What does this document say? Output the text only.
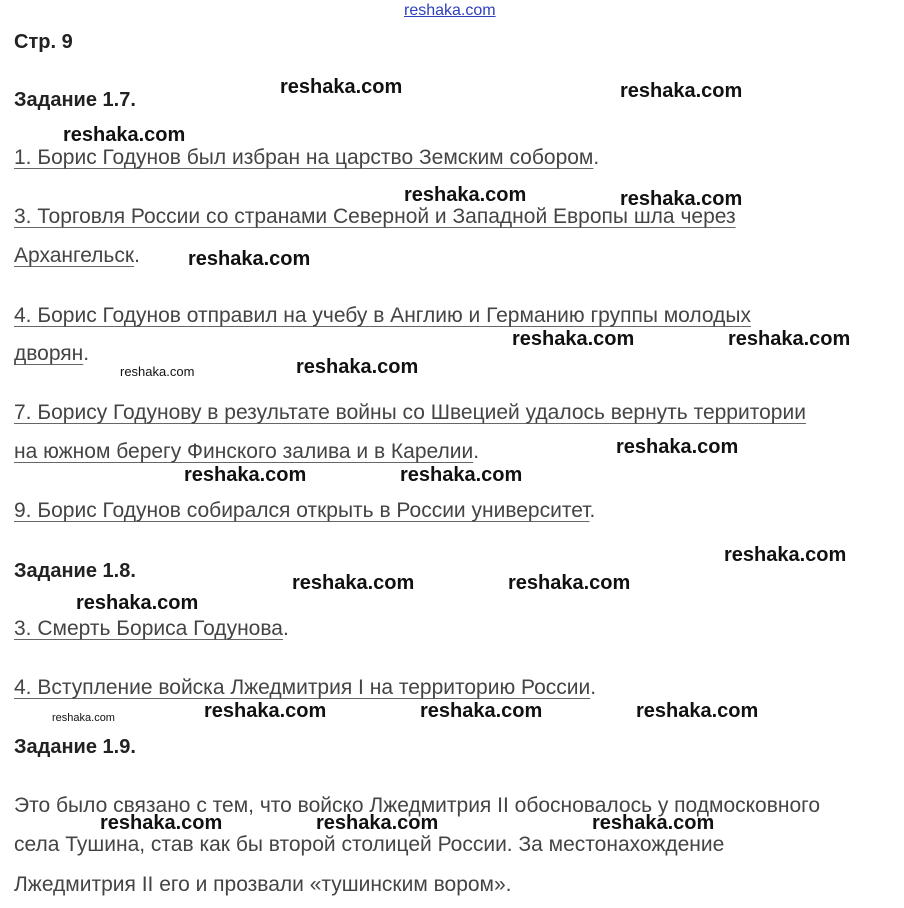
reshaka.com
Стр. 9
Задание 1.7.
1. Борис Годунов был избран на царство Земским собором.
3. Торговля России со странами Северной и Западной Европы шла через
Архангельск.
4. Борис Годунов отправил на учебу в Англию и Германию группы молодых
дворян.
7. Борису Годунову в результате войны со Швецией удалось вернуть территории
на южном берегу Финского залива и в Карелии.
9. Борис Годунов собирался открыть в России университет.
Задание 1.8.
3. Смерть Бориса Годунова.
4. Вступление войска Лжедмитрия I на территорию России.
Задание 1.9.
Это было связано с тем, что войско Лжедмитрия II обосновалось у подмосковного
села Тушина, став как бы второй столицей России. За местонахождение
Лжедмитрия II его и прозвали «тушинским вором».
reshaka.com	reshaka.com
reshaka.com
reshaka.com	reshaka.com
reshaka.com
reshaka.com	reshaka.com
reshaka.com	reshaka.com
reshaka.com
reshaka.com	reshaka.com
reshaka.com
reshaka.com	reshaka.com
reshaka.com
reshaka.com	reshaka.com	reshaka.com	reshaka.com
reshaka.com	reshaka.com	reshaka.com
